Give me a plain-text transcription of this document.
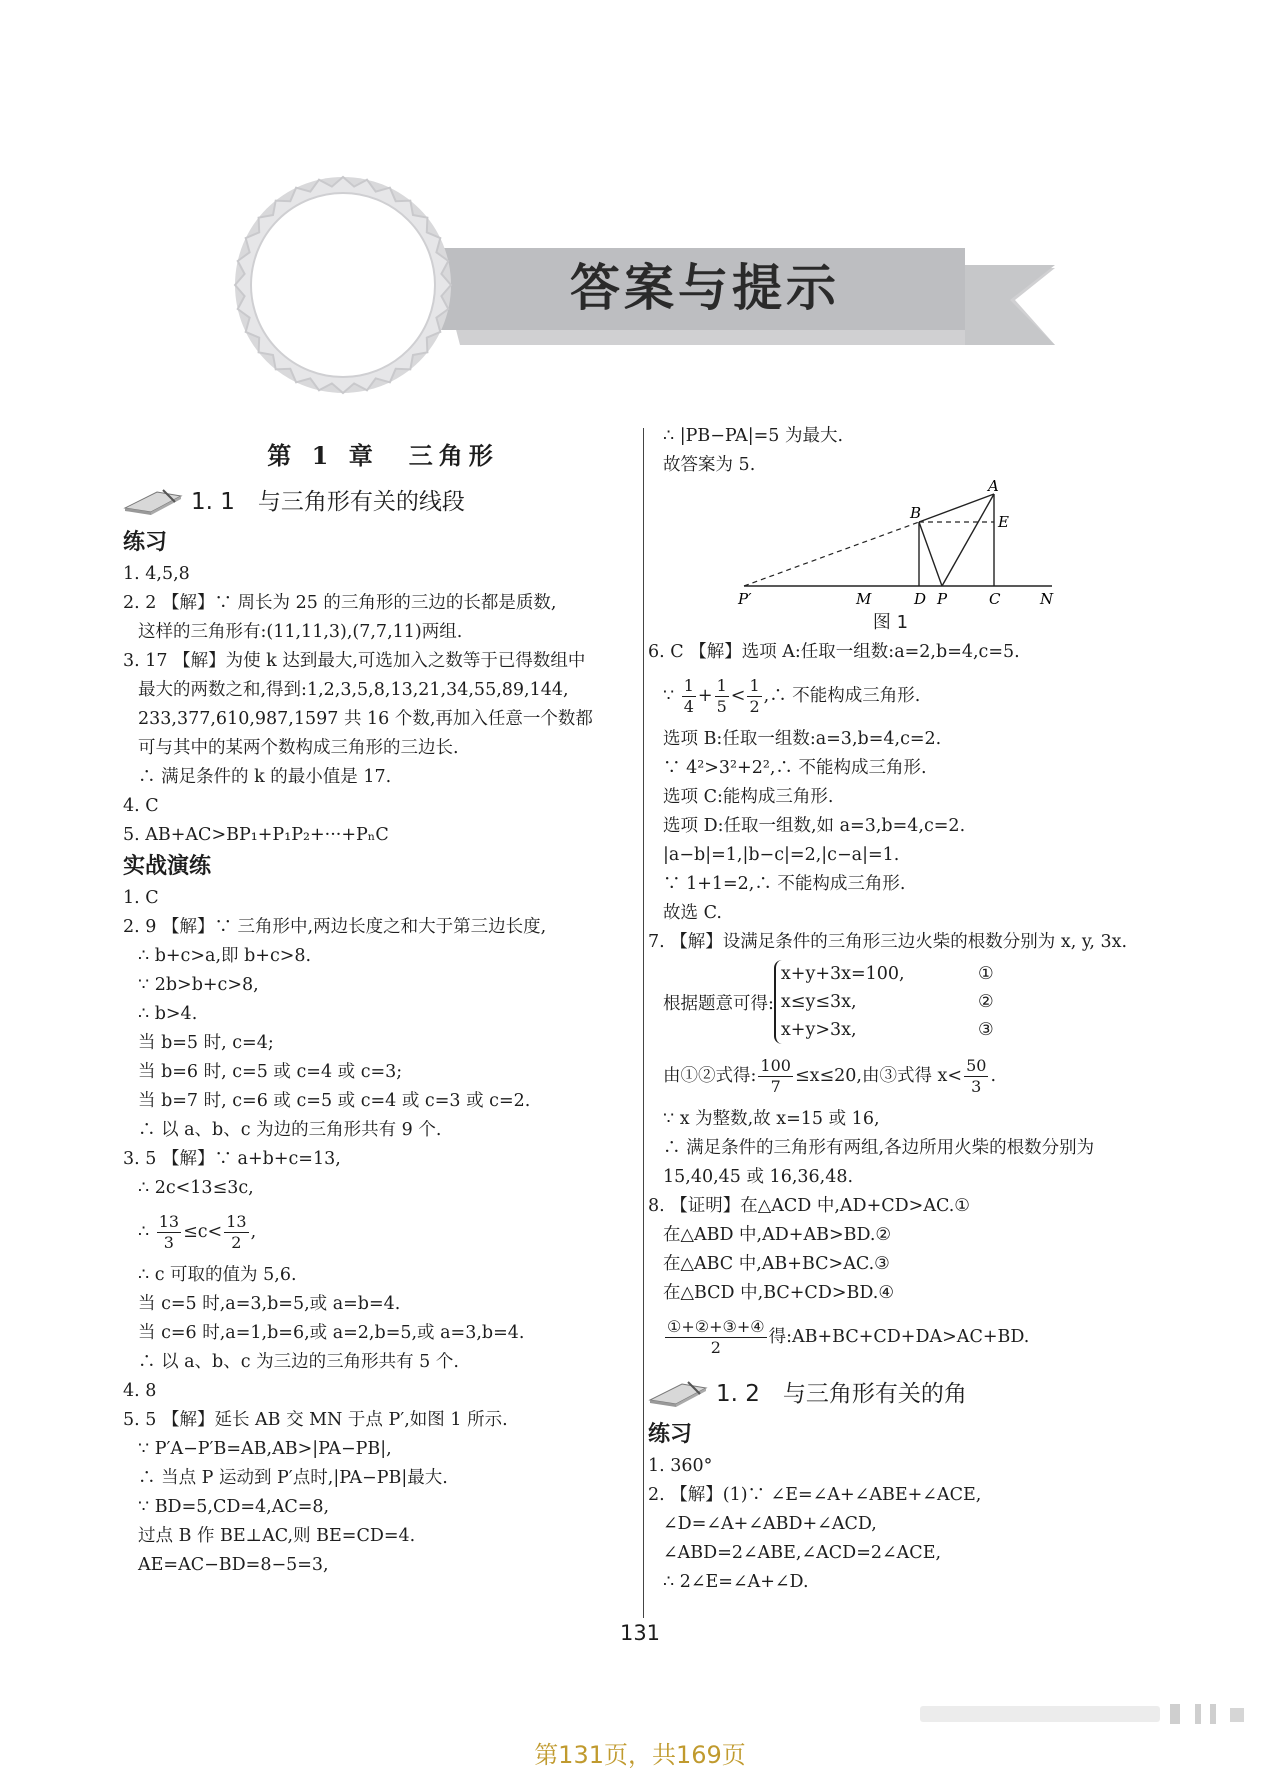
答案与提示
第 1 章　三角形
1. 1　与三角形有关的线段
练习
1. 4,5,8
2. 2 【解】∵ 周长为 25 的三角形的三边的长都是质数,
这样的三角形有:(11,11,3),(7,7,11)两组.
3. 17 【解】为使 k 达到最大,可选加入之数等于已得数组中
最大的两数之和,得到:1,2,3,5,8,13,21,34,55,89,144,
233,377,610,987,1597 共 16 个数,再加入任意一个数都
可与其中的某两个数构成三角形的三边长.
∴ 满足条件的 k 的最小值是 17.
4. C
5. AB+AC>BP₁+P₁P₂+···+PₙC
实战演练
1. C
2. 9 【解】∵ 三角形中,两边长度之和大于第三边长度,
∴ b+c>a,即 b+c>8.
∵ 2b>b+c>8,
∴ b>4.
当 b=5 时, c=4;
当 b=6 时, c=5 或 c=4 或 c=3;
当 b=7 时, c=6 或 c=5 或 c=4 或 c=3 或 c=2.
∴ 以 a、b、c 为边的三角形共有 9 个.
3. 5 【解】∵ a+b+c=13,
∴ 2c<13≤3c,
∴ $\frac{13}{3} \le c< \frac{13}{2}$ ,
∴ c 可取的值为 5,6.
当 c=5 时,a=3,b=5,或 a=b=4.
当 c=6 时,a=1,b=6,或 a=2,b=5,或 a=3,b=4.
∴ 以 a、b、c 为三边的三角形共有 5 个.
4. 8
5. 5 【解】延长 AB 交 MN 于点 P′,如图 1 所示.
∵ P′A−P′B=AB,AB>|PA−PB|,
∴ 当点 P 运动到 P′点时,|PA−PB|最大.
∵ BD=5,CD=4,AC=8,
过点 B 作 BE⊥AC,则 BE=CD=4.
AE=AC−BD=8−5=3,
∴ |PB−PA|=5 为最大.
故答案为 5.
A
B	E
P′	M	D P	C	N
图 1
6. C 【解】选项 A:任取一组数:a=2,b=4,c=5.
∵ $\frac{1}{4} + \frac{1}{5} < \frac{1}{2}$ ,∴ 不能构成三角形.
选项 B:任取一组数:a=3,b=4,c=2.
∵ 4²>3²+2²,∴ 不能构成三角形.
选项 C:能构成三角形.
选项 D:任取一组数,如 a=3,b=4,c=2.
|a−b|=1,|b−c|=2,|c−a|=1.
∵ 1+1=2,∴ 不能构成三角形.
故选 C.
7. 【解】设满足条件的三角形三边火柴的根数分别为 x, y, 3x.
根据题意可得:
x+y+3x=100,
x≤y≤3x,
x+y>3x,
①
②
③
由①②式得: $\frac{100}{7} \le x\le 20$,由③式得 $x< \frac{50}{3}$ .
∵ x 为整数,故 x=15 或 16,
∴ 满足条件的三角形有两组,各边所用火柴的根数分别为
15,40,45 或 16,36,48.
8. 【证明】在△ACD 中,AD+CD>AC.①
在△ABD 中,AD+AB>BD.②
在△ABC 中,AB+BC>AC.③
在△BCD 中,BC+CD>BD.④
$\frac{\text{①+②+③+④}}{2}$ 得:AB+BC+CD+DA>AC+BD.
1. 2　与三角形有关的角
练习
1. 360°
2. 【解】(1)∵ ∠E=∠A+∠ABE+∠ACE,
∠D=∠A+∠ABD+∠ACD,
∠ABD=2∠ABE,∠ACD=2∠ACE,
∴ 2∠E=∠A+∠D.
131
第131页，共169页
